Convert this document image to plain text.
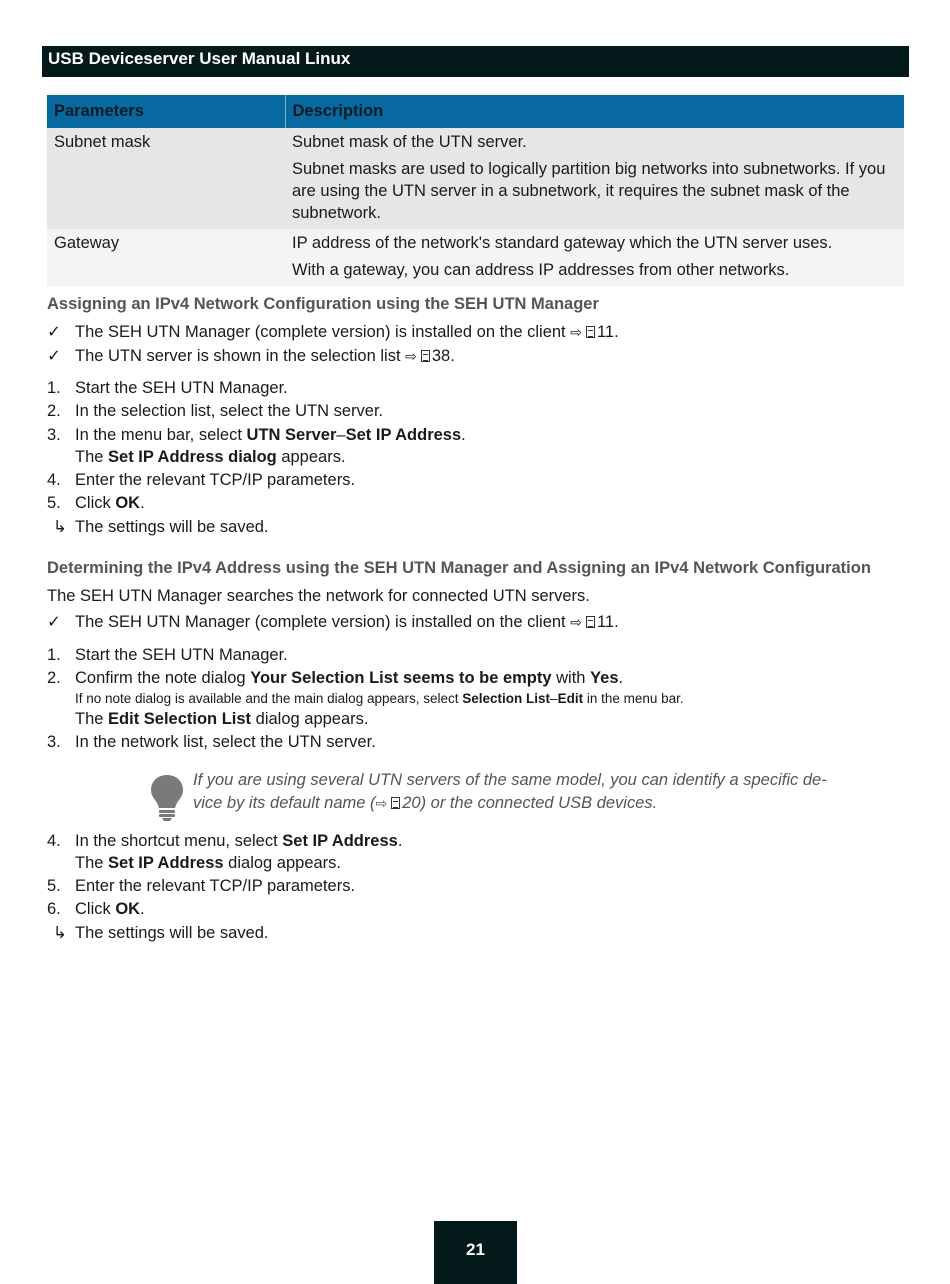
USB Deviceserver User Manual Linux
Parameters	Description
Subnet mask	Subnet mask of the UTN server.

Subnet masks are used to logically partition big networks into subnetworks. If you are using the UTN server in a subnetwork, it requires the subnet mask of the subnetwork.

Gateway	IP address of the network's standard gateway which the UTN server uses.

With a gateway, you can address IP addresses from other networks.

Assigning an IPv4 Network Configuration using the SEH UTN Manager
✓ The SEH UTN Manager (complete version) is installed on the client ⇨ 11.
✓ The UTN server is shown in the selection list ⇨ 38.
1. Start the SEH UTN Manager.
2. In the selection list, select the UTN server.
3. In the menu bar, select UTN Server–Set IP Address.
The Set IP Address dialog appears.
4. Enter the relevant TCP/IP parameters.
5. Click OK.
↳ The settings will be saved.
Determining the IPv4 Address using the SEH UTN Manager and Assigning an IPv4 Network Configuration
The SEH UTN Manager searches the network for connected UTN servers.
✓ The SEH UTN Manager (complete version) is installed on the client ⇨ 11.
1. Start the SEH UTN Manager.
2. Confirm the note dialog Your Selection List seems to be empty with Yes.
If no note dialog is available and the main dialog appears, select Selection List–Edit in the menu bar.
The Edit Selection List dialog appears.
3. In the network list, select the UTN server.
If you are using several UTN servers of the same model, you can identify a specific de-
vice by its default name (⇨ 20) or the connected USB devices.
4. In the shortcut menu, select Set IP Address.
The Set IP Address dialog appears.
5. Enter the relevant TCP/IP parameters.
6. Click OK.
↳ The settings will be saved.
21
